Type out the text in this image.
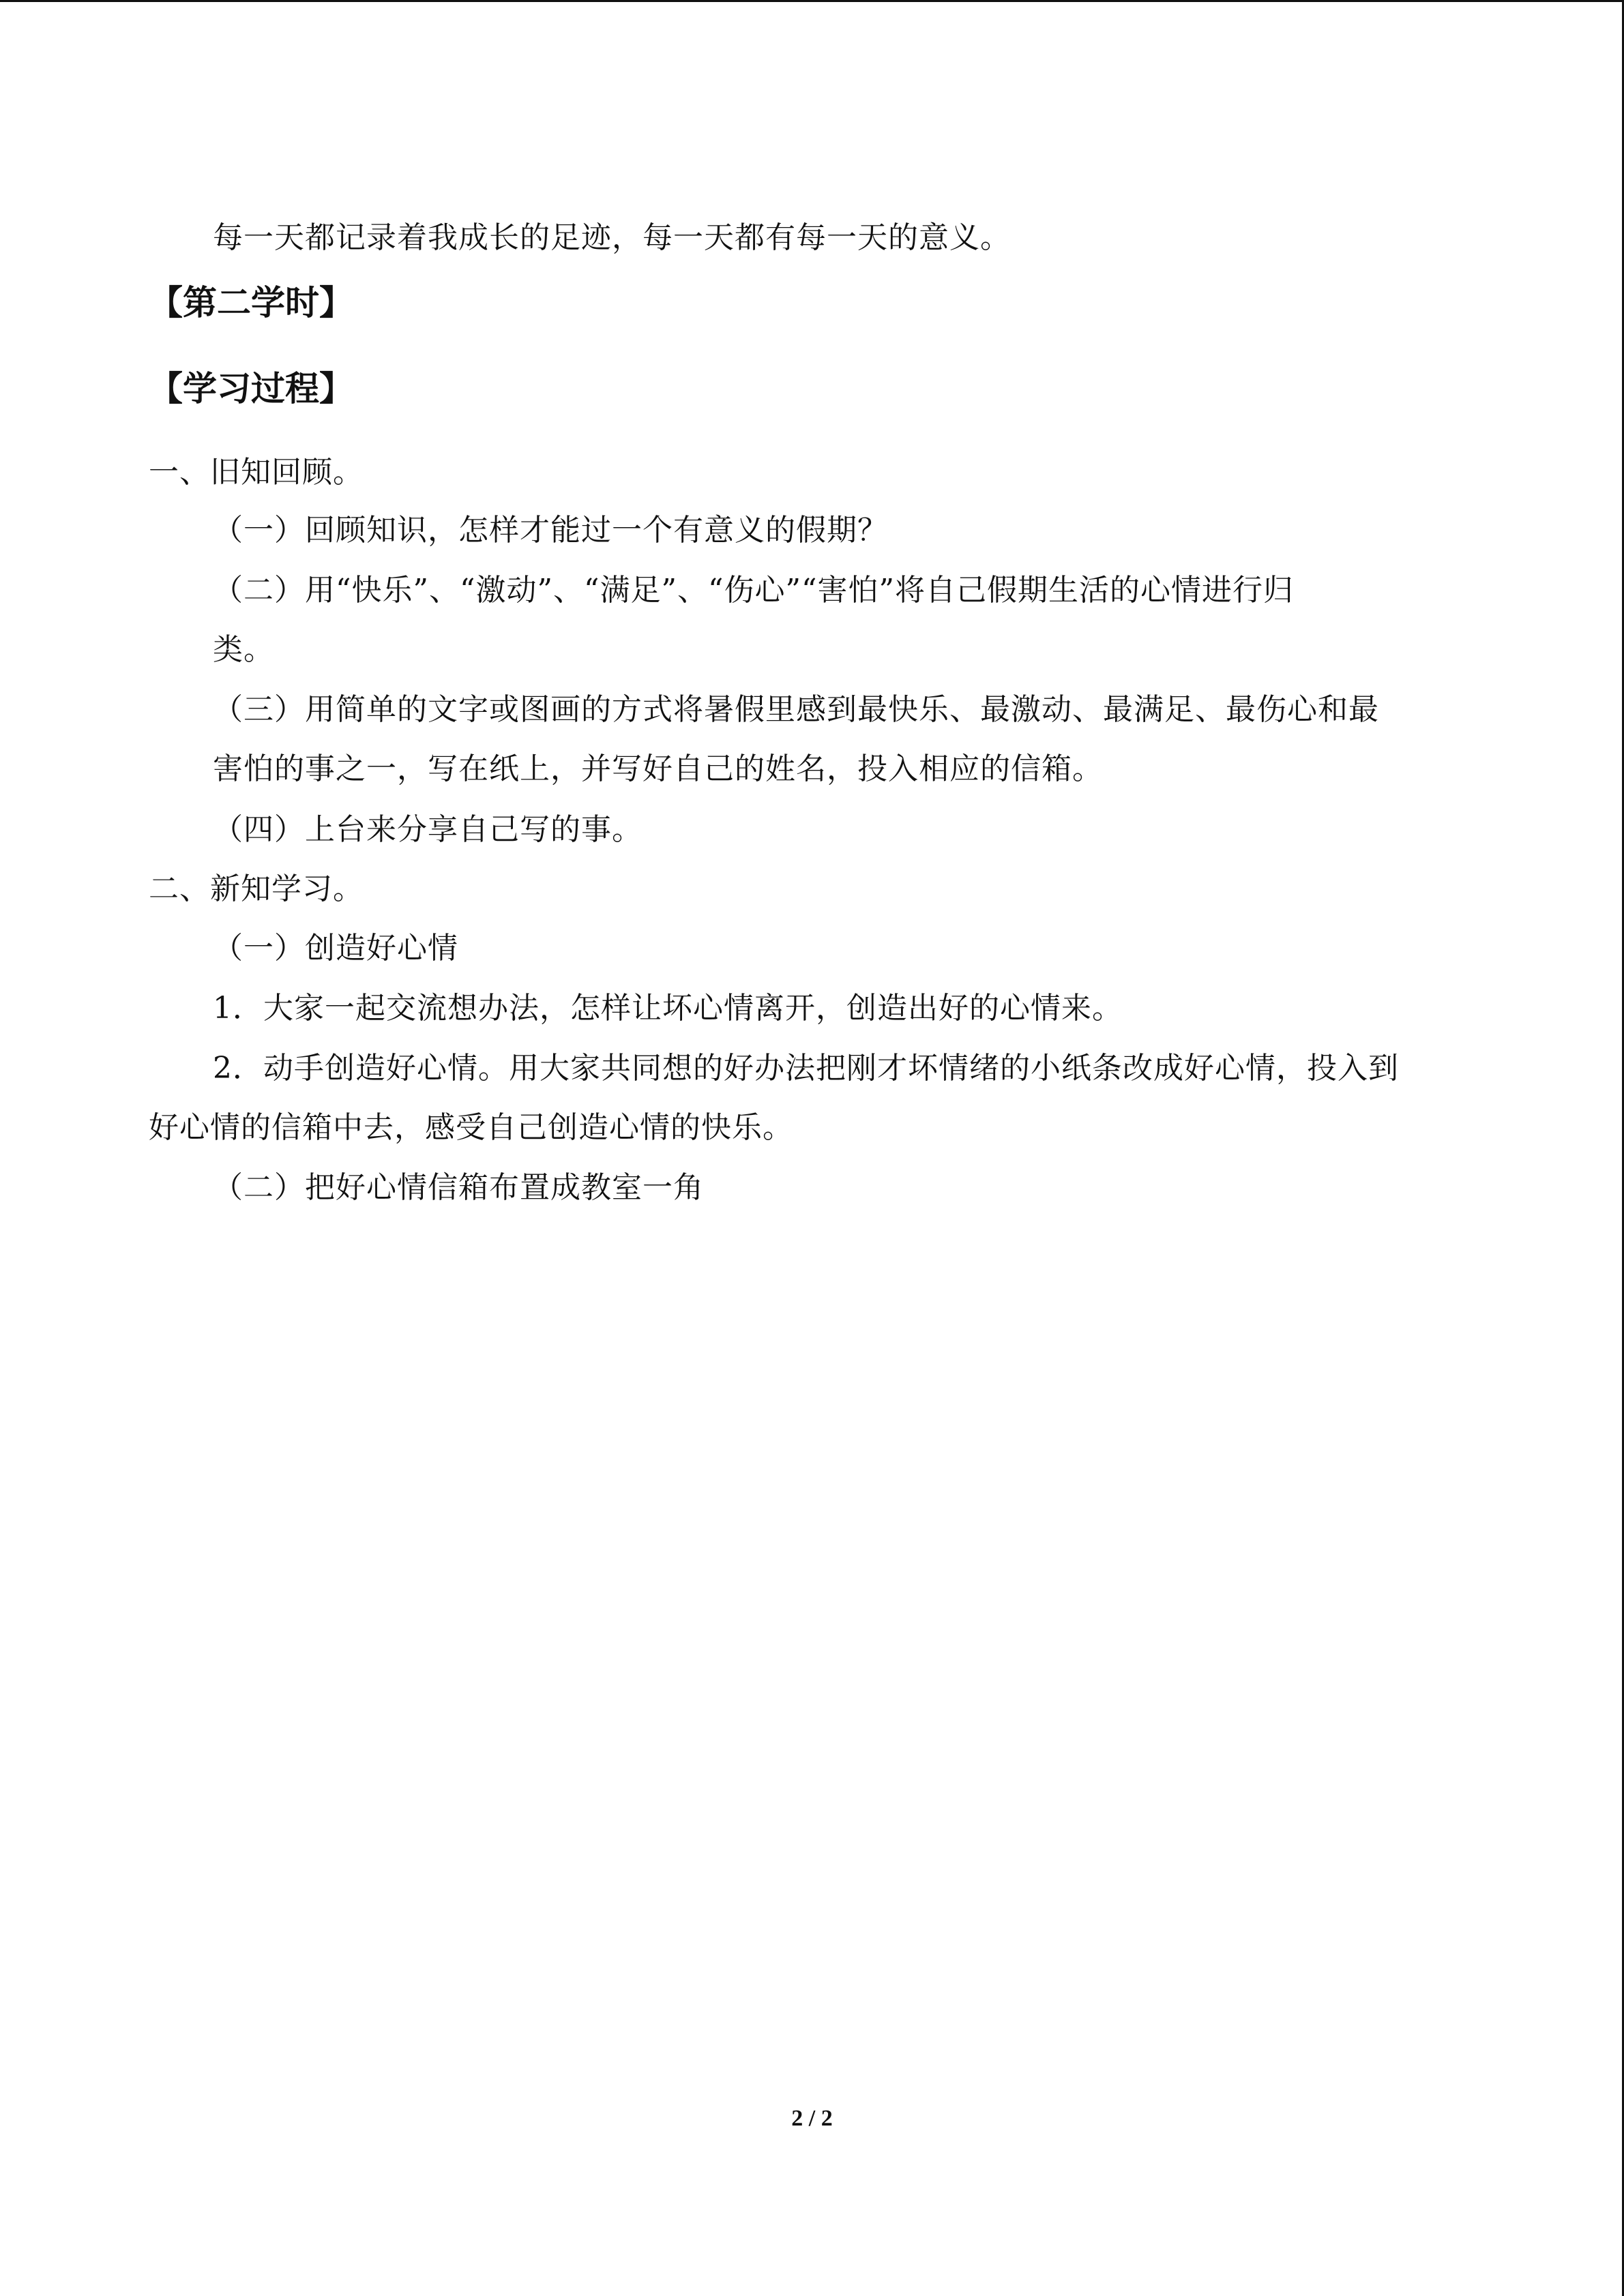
每一天都记录着我成长的足迹，每一天都有每一天的意义。
【第二学时】
【学习过程】
一、旧知回顾。
（一）回顾知识，怎样才能过一个有意义的假期？
（二）用“快乐”、“激动”、“满足”、“伤心”“害怕”将自己假期生活的心情进行归
类。
（三）用简单的文字或图画的方式将暑假里感到最快乐、最激动、最满足、最伤心和最
害怕的事之一，写在纸上，并写好自己的姓名，投入相应的信箱。
（四）上台来分享自己写的事。
二、新知学习。
（一）创造好心情
1．大家一起交流想办法，怎样让坏心情离开，创造出好的心情来。
2．动手创造好心情。用大家共同想的好办法把刚才坏情绪的小纸条改成好心情，投入到
好心情的信箱中去，感受自己创造心情的快乐。
（二）把好心情信箱布置成教室一角
2 / 2
